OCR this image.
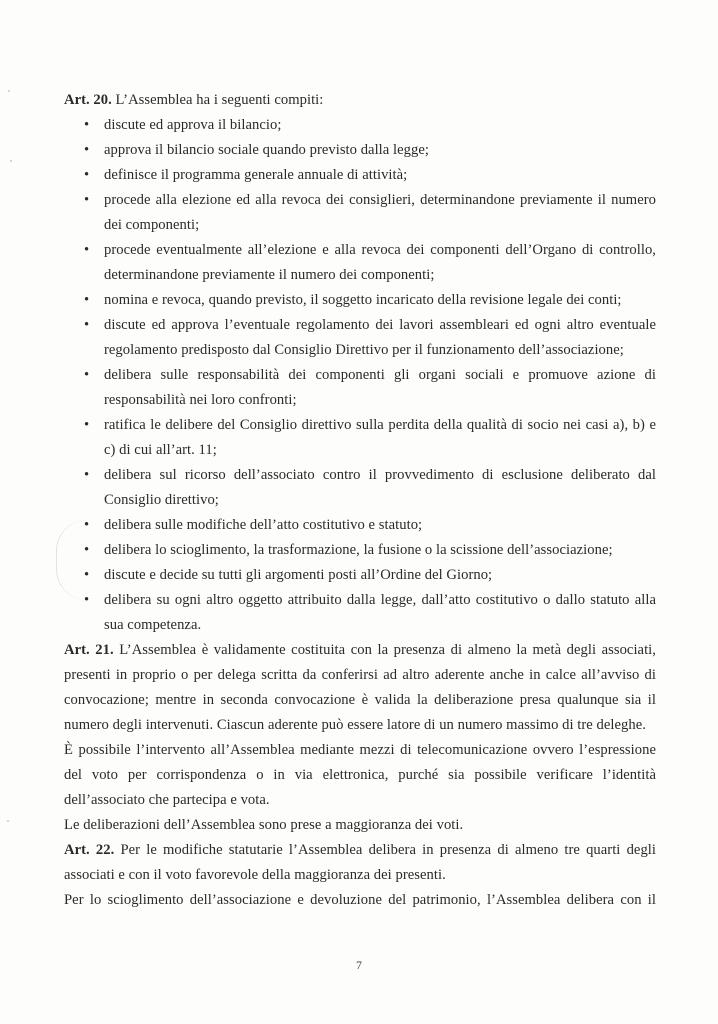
Art. 20. L’Assemblea ha i seguenti compiti:

•	discute ed approva il bilancio;
•	approva il bilancio sociale quando previsto dalla legge;
•	definisce il programma generale annuale di attività;
•	procede alla elezione ed alla revoca dei consiglieri, determinandone previamente il numero dei componenti;
•	procede eventualmente all’elezione e alla revoca dei componenti dell’Organo di controllo, determinandone previamente il numero dei componenti;
•	nomina e revoca, quando previsto, il soggetto incaricato della revisione legale dei conti;
•	discute ed approva l’eventuale regolamento dei lavori assembleari ed ogni altro eventuale regolamento predisposto dal Consiglio Direttivo per il funzionamento dell’associazione;
•	delibera sulle responsabilità dei componenti gli organi sociali e promuove azione di responsabilità nei loro confronti;
•	ratifica le delibere del Consiglio direttivo sulla perdita della qualità di socio nei casi a), b) e c) di cui all’art. 11;
•	delibera sul ricorso dell’associato contro il provvedimento di esclusione deliberato dal Consiglio direttivo;
•	delibera sulle modifiche dell’atto costitutivo e statuto;
•	delibera lo scioglimento, la trasformazione, la fusione o la scissione dell’associazione;
•	discute e decide su tutti gli argomenti posti all’Ordine del Giorno;
•	delibera su ogni altro oggetto attribuito dalla legge, dall’atto costitutivo o dallo statuto alla sua competenza.

Art. 21. L’Assemblea è validamente costituita con la presenza di almeno la metà degli associati, presenti in proprio o per delega scritta da conferirsi ad altro aderente anche in calce all’avviso di convocazione; mentre in seconda convocazione è valida la deliberazione presa qualunque sia il numero degli intervenuti. Ciascun aderente può essere latore di un numero massimo di tre deleghe.

È possibile l’intervento all’Assemblea mediante mezzi di telecomunicazione ovvero l’espressione del voto per corrispondenza o in via elettronica, purché sia possibile verificare l’identità dell’associato che partecipa e vota.

Le deliberazioni dell’Assemblea sono prese a maggioranza dei voti.

Art. 22. Per le modifiche statutarie l’Assemblea delibera in presenza di almeno tre quarti degli associati e con il voto favorevole della maggioranza dei presenti.

Per lo scioglimento dell’associazione e devoluzione del patrimonio, l’Assemblea delibera con il

7
